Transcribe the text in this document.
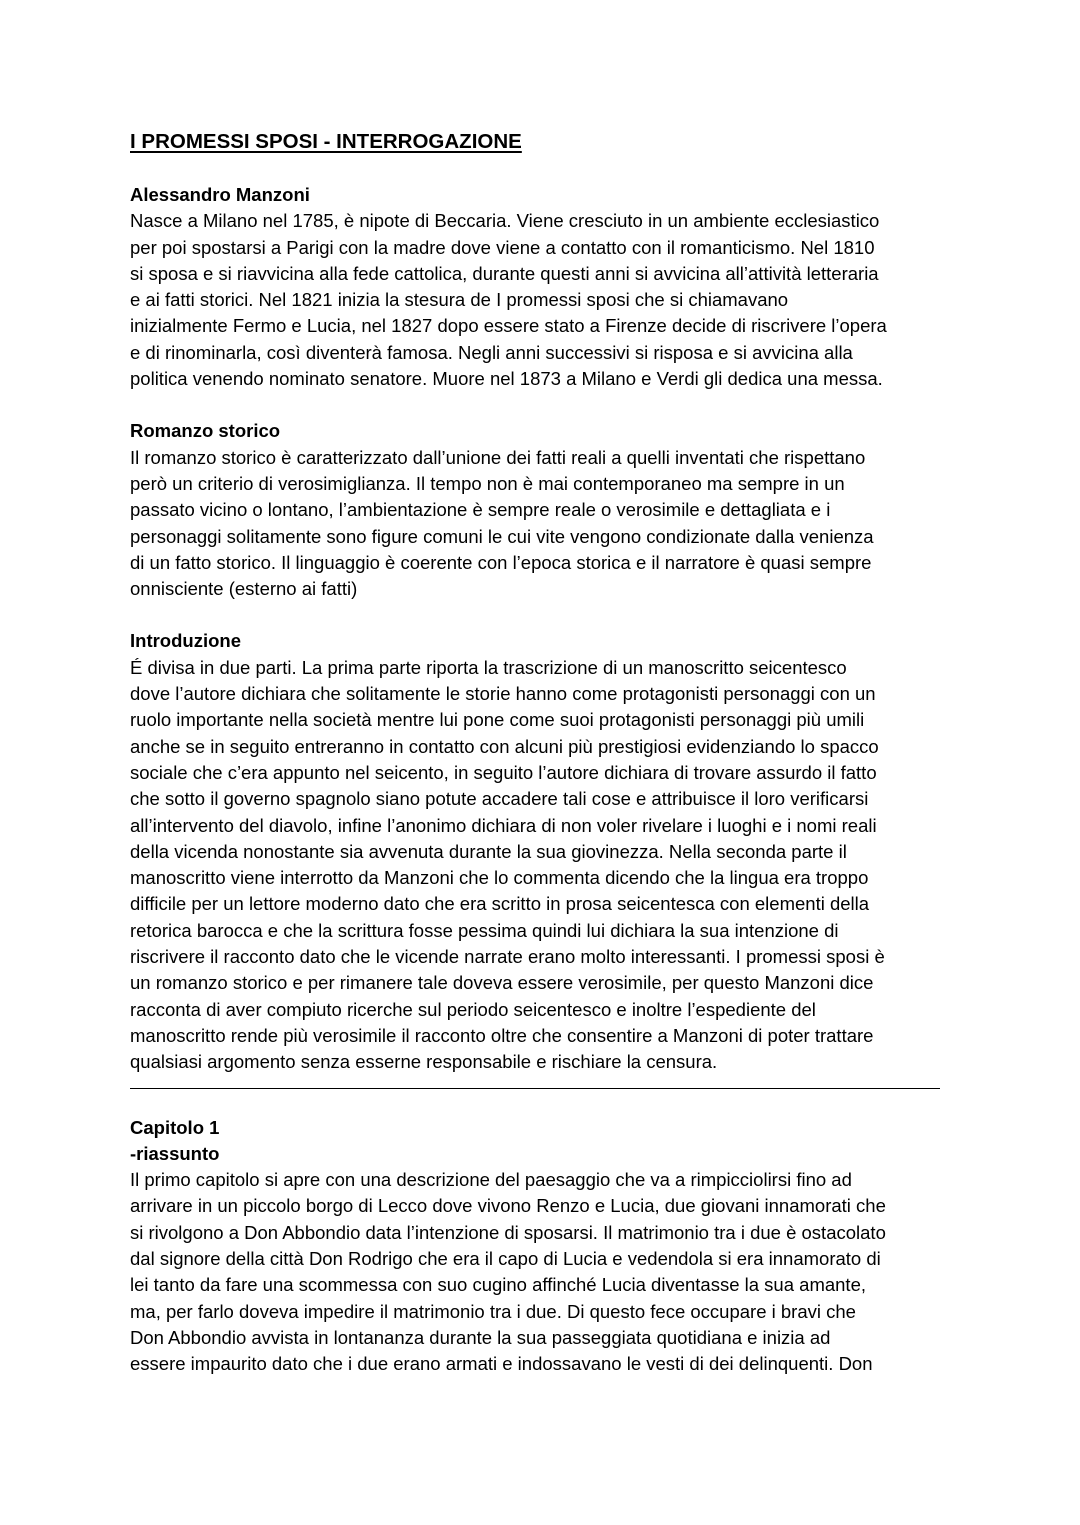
I PROMESSI SPOSI - INTERROGAZIONE
Alessandro Manzoni
Nasce a Milano nel 1785, è nipote di Beccaria. Viene cresciuto in un ambiente ecclesiastico
per poi spostarsi a Parigi con la madre dove viene a contatto con il romanticismo. Nel 1810
si sposa e si riavvicina alla fede cattolica, durante questi anni si avvicina all’attività letteraria
e ai fatti storici. Nel 1821 inizia la stesura de I promessi sposi che si chiamavano
inizialmente Fermo e Lucia, nel 1827 dopo essere stato a Firenze decide di riscrivere l’opera
e di rinominarla, così diventerà famosa. Negli anni successivi si risposa e si avvicina alla
politica venendo nominato senatore. Muore nel 1873 a Milano e Verdi gli dedica una messa.
Romanzo storico
Il romanzo storico è caratterizzato dall’unione dei fatti reali a quelli inventati che rispettano
però un criterio di verosimiglianza. Il tempo non è mai contemporaneo ma sempre in un
passato vicino o lontano, l’ambientazione è sempre reale o verosimile e dettagliata e i
personaggi solitamente sono figure comuni le cui vite vengono condizionate dalla venienza
di un fatto storico. Il linguaggio è coerente con l’epoca storica e il narratore è quasi sempre
onnisciente (esterno ai fatti)
Introduzione
É divisa in due parti. La prima parte riporta la trascrizione di un manoscritto seicentesco
dove l’autore dichiara che solitamente le storie hanno come protagonisti personaggi con un
ruolo importante nella società mentre lui pone come suoi protagonisti personaggi più umili
anche se in seguito entreranno in contatto con alcuni più prestigiosi evidenziando lo spacco
sociale che c’era appunto nel seicento, in seguito l’autore dichiara di trovare assurdo il fatto
che sotto il governo spagnolo siano potute accadere tali cose e attribuisce il loro verificarsi
all’intervento del diavolo, infine l’anonimo dichiara di non voler rivelare i luoghi e i nomi reali
della vicenda nonostante sia avvenuta durante la sua giovinezza. Nella seconda parte il
manoscritto viene interrotto da Manzoni che lo commenta dicendo che la lingua era troppo
difficile per un lettore moderno dato che era scritto in prosa seicentesca con elementi della
retorica barocca e che la scrittura fosse pessima quindi lui dichiara la sua intenzione di
riscrivere il racconto dato che le vicende narrate erano molto interessanti. I promessi sposi è
un romanzo storico e per rimanere tale doveva essere verosimile, per questo Manzoni dice
racconta di aver compiuto ricerche sul periodo seicentesco e inoltre l’espediente del
manoscritto rende più verosimile il racconto oltre che consentire a Manzoni di poter trattare
qualsiasi argomento senza esserne responsabile e rischiare la censura.
Capitolo 1
-riassunto
Il primo capitolo si apre con una descrizione del paesaggio che va a rimpicciolirsi fino ad
arrivare in un piccolo borgo di Lecco dove vivono Renzo e Lucia, due giovani innamorati che
si rivolgono a Don Abbondio data l’intenzione di sposarsi. Il matrimonio tra i due è ostacolato
dal signore della città Don Rodrigo che era il capo di Lucia e vedendola si era innamorato di
lei tanto da fare una scommessa con suo cugino affinché Lucia diventasse la sua amante,
ma, per farlo doveva impedire il matrimonio tra i due. Di questo fece occupare i bravi che
Don Abbondio avvista in lontananza durante la sua passeggiata quotidiana e inizia ad
essere impaurito dato che i due erano armati e indossavano le vesti di dei delinquenti. Don
